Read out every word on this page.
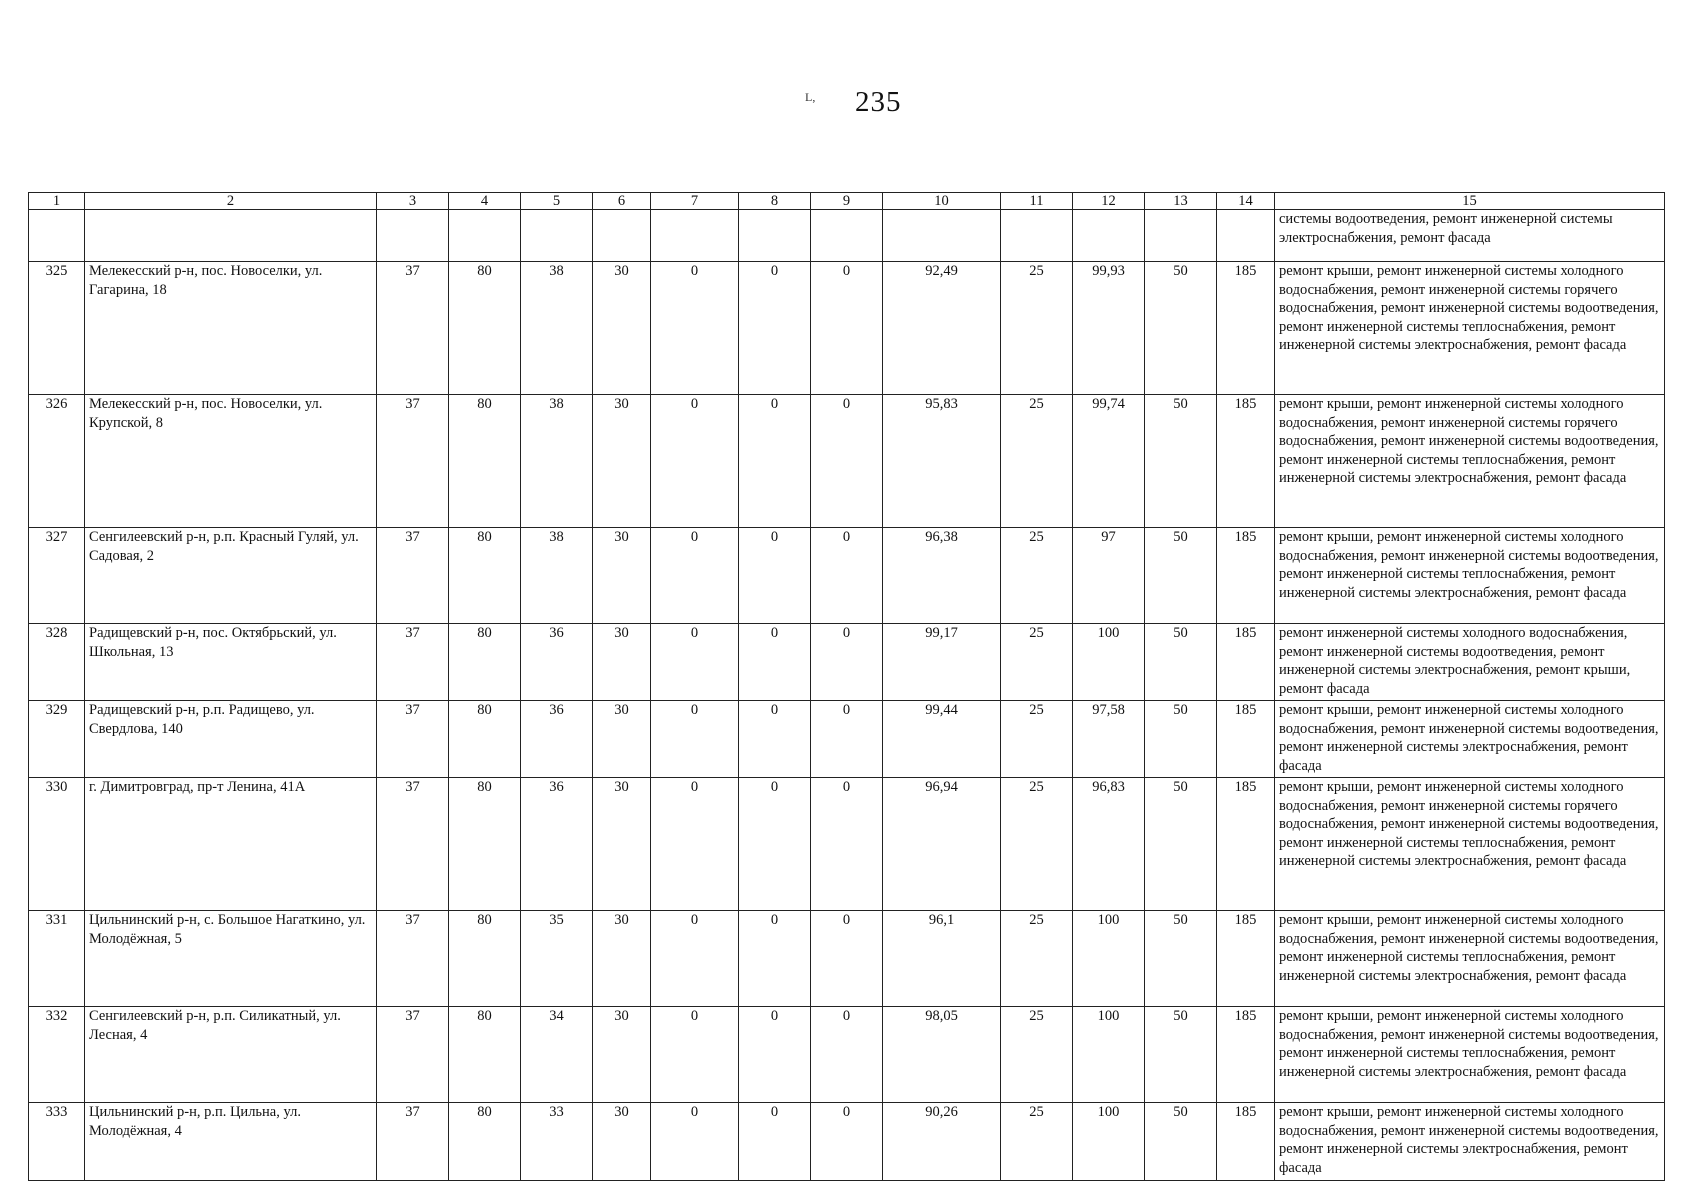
235
L,
1	2	3	4	5	6	7	8	9	10	11	12	13	14	15
														системы водоотведения, ремонт инженерной системы электроснабжения, ремонт фасада
325	Мелекесский р-н, пос. Новоселки, ул. Гагарина, 18	37	80	38	30	0	0	0	92,49	25	99,93	50	185	ремонт крыши, ремонт инженерной системы холодного водоснабжения, ремонт инженерной системы горячего водоснабжения, ремонт инженерной системы водоотведения, ремонт инженерной системы теплоснабжения, ремонт инженерной системы электроснабжения, ремонт фасада
326	Мелекесский р-н, пос. Новоселки, ул. Крупской, 8	37	80	38	30	0	0	0	95,83	25	99,74	50	185	ремонт крыши, ремонт инженерной системы холодного водоснабжения, ремонт инженерной системы горячего водоснабжения, ремонт инженерной системы водоотведения, ремонт инженерной системы теплоснабжения, ремонт инженерной системы электроснабжения, ремонт фасада
327	Сенгилеевский р-н, р.п. Красный Гуляй, ул. Садовая, 2	37	80	38	30	0	0	0	96,38	25	97	50	185	ремонт крыши, ремонт инженерной системы холодного водоснабжения, ремонт инженерной системы водоотведения, ремонт инженерной системы теплоснабжения, ремонт инженерной системы электроснабжения, ремонт фасада
328	Радищевский р-н, пос. Октябрьский, ул. Школьная, 13	37	80	36	30	0	0	0	99,17	25	100	50	185	ремонт инженерной системы холодного водоснабжения, ремонт инженерной системы водоотведения, ремонт инженерной системы электроснабжения, ремонт крыши, ремонт фасада
329	Радищевский р-н, р.п. Радищево, ул. Свердлова, 140	37	80	36	30	0	0	0	99,44	25	97,58	50	185	ремонт крыши, ремонт инженерной системы холодного водоснабжения, ремонт инженерной системы водоотведения, ремонт инженерной системы электроснабжения, ремонт фасада
330	г. Димитровград, пр-т Ленина, 41А	37	80	36	30	0	0	0	96,94	25	96,83	50	185	ремонт крыши, ремонт инженерной системы холодного водоснабжения, ремонт инженерной системы горячего водоснабжения, ремонт инженерной системы водоотведения, ремонт инженерной системы теплоснабжения, ремонт инженерной системы электроснабжения, ремонт фасада
331	Цильнинский р-н, с. Большое Нагаткино, ул. Молодёжная, 5	37	80	35	30	0	0	0	96,1	25	100	50	185	ремонт крыши, ремонт инженерной системы холодного водоснабжения, ремонт инженерной системы водоотведения, ремонт инженерной системы теплоснабжения, ремонт инженерной системы электроснабжения, ремонт фасада
332	Сенгилеевский р-н, р.п. Силикатный, ул. Лесная, 4	37	80	34	30	0	0	0	98,05	25	100	50	185	ремонт крыши, ремонт инженерной системы холодного водоснабжения, ремонт инженерной системы водоотведения, ремонт инженерной системы теплоснабжения, ремонт инженерной системы электроснабжения, ремонт фасада
333	Цильнинский р-н, р.п. Цильна, ул. Молодёжная, 4	37	80	33	30	0	0	0	90,26	25	100	50	185	ремонт крыши, ремонт инженерной системы холодного водоснабжения, ремонт инженерной системы водоотведения, ремонт инженерной системы электроснабжения, ремонт фасада
